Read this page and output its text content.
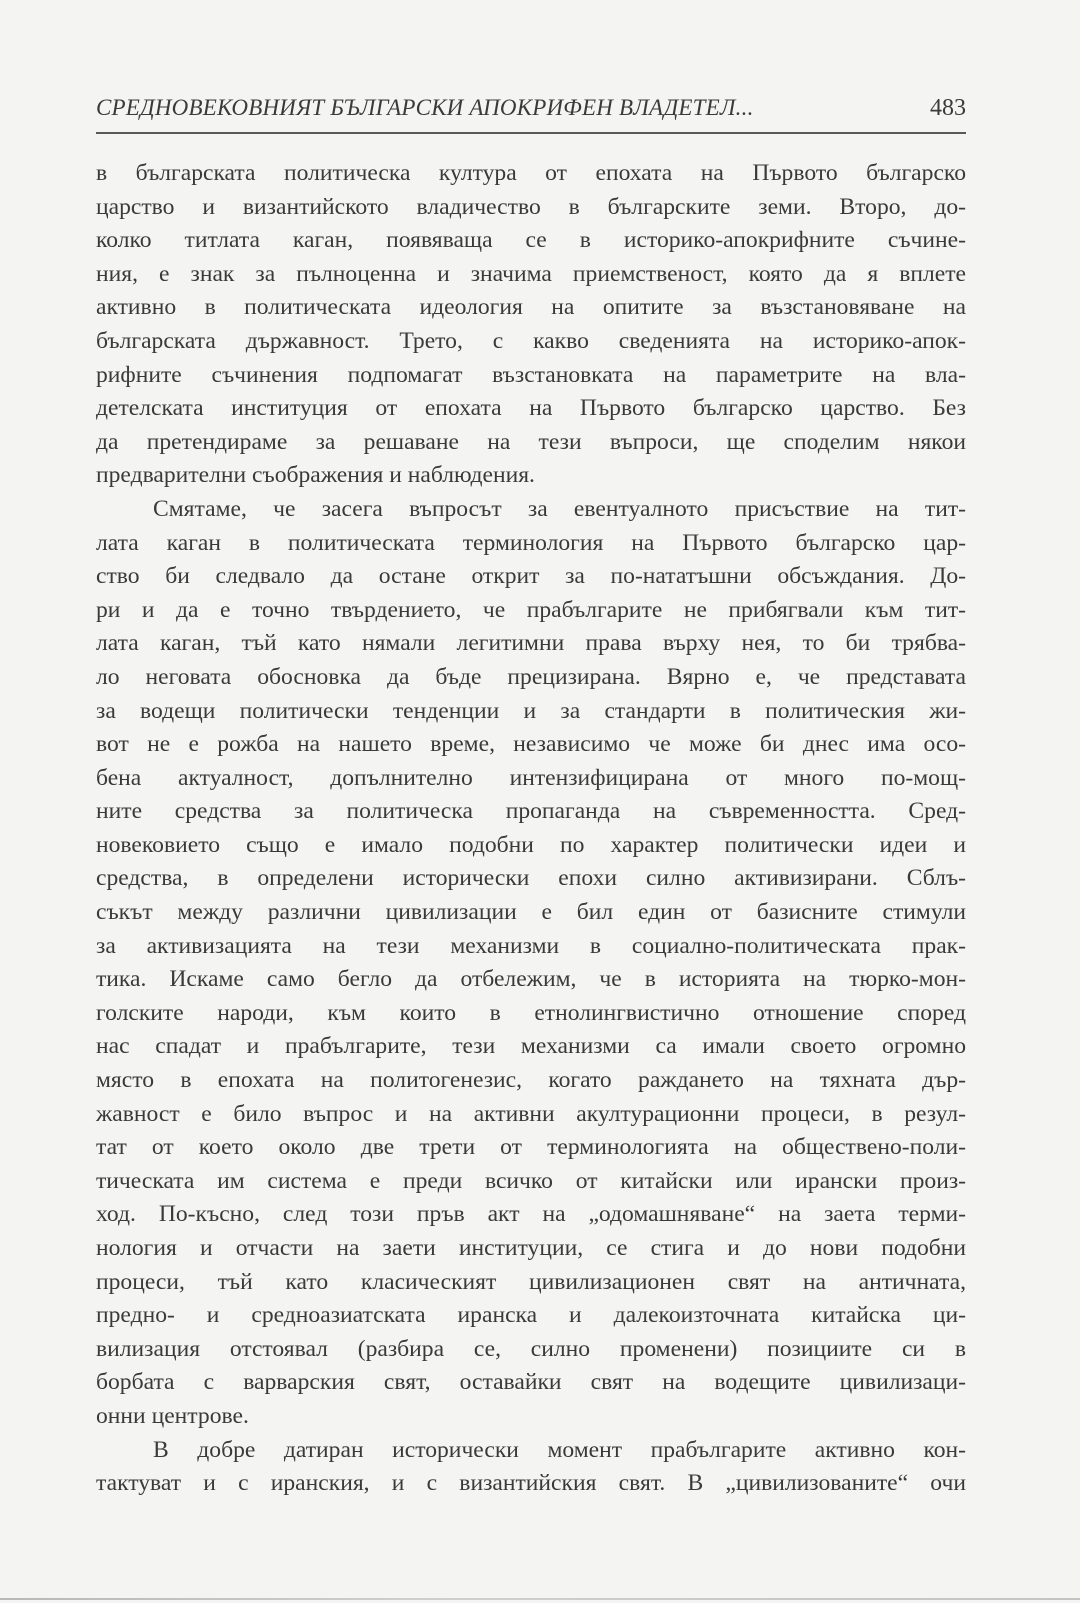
СРЕДНОВЕКОВНИЯТ БЪЛГАРСКИ АПОКРИФЕН ВЛАДЕТЕЛ...	483
в българската политическа култура от епохата на Първото българско
царство и византийското владичество в българските земи. Второ, до-
колко титлата каган, появяваща се в историко-апокрифните съчине-
ния, е знак за пълноценна и значима приемственост, която да я вплете
активно в политическата идеология на опитите за възстановяване на
българската държавност. Трето, с какво сведенията на историко-апок-
рифните съчинения подпомагат възстановката на параметрите на вла-
детелската институция от епохата на Първото българско царство. Без
да претендираме за решаване на тези въпроси, ще споделим някои
предварителни съображения и наблюдения.
Смятаме, че засега въпросът за евентуалното присъствие на тит-
лата каган в политическата терминология на Първото българско цар-
ство би следвало да остане открит за по-нататъшни обсъждания. До-
ри и да е точно твърдението, че прабългарите не прибягвали към тит-
лата каган, тъй като нямали легитимни права върху нея, то би трябва-
ло неговата обосновка да бъде прецизирана. Вярно е, че представата
за водещи политически тенденции и за стандарти в политическия жи-
вот не е рожба на нашето време, независимо че може би днес има осо-
бена актуалност, допълнително интензифицирана от много по-мощ-
ните средства за политическа пропаганда на съвременността. Сред-
новековието също е имало подобни по характер политически идеи и
средства, в определени исторически епохи силно активизирани. Сблъ-
съкът между различни цивилизации е бил един от базисните стимули
за активизацията на тези механизми в социално-политическата прак-
тика. Искаме само бегло да отбележим, че в историята на тюрко-мон-
голските народи, към които в етнолингвистично отношение според
нас спадат и прабългарите, тези механизми са имали своето огромно
място в епохата на политогенезис, когато раждането на тяхната дър-
жавност е било въпрос и на активни акултурационни процеси, в резул-
тат от което около две трети от терминологията на обществено-поли-
тическата им система е преди всичко от китайски или ирански произ-
ход. По-късно, след този пръв акт на „одомашняване“ на заета терми-
нология и отчасти на заети институции, се стига и до нови подобни
процеси, тъй като класическият цивилизационен свят на античната,
предно- и средноазиатската иранска и далекоизточната китайска ци-
вилизация отстоявал (разбира се, силно променени) позициите си в
борбата с варварския свят, оставайки свят на водещите цивилизаци-
онни центрове.
В добре датиран исторически момент прабългарите активно кон-
тактуват и с иранския, и с византийския свят. В „цивилизованите“ очи
